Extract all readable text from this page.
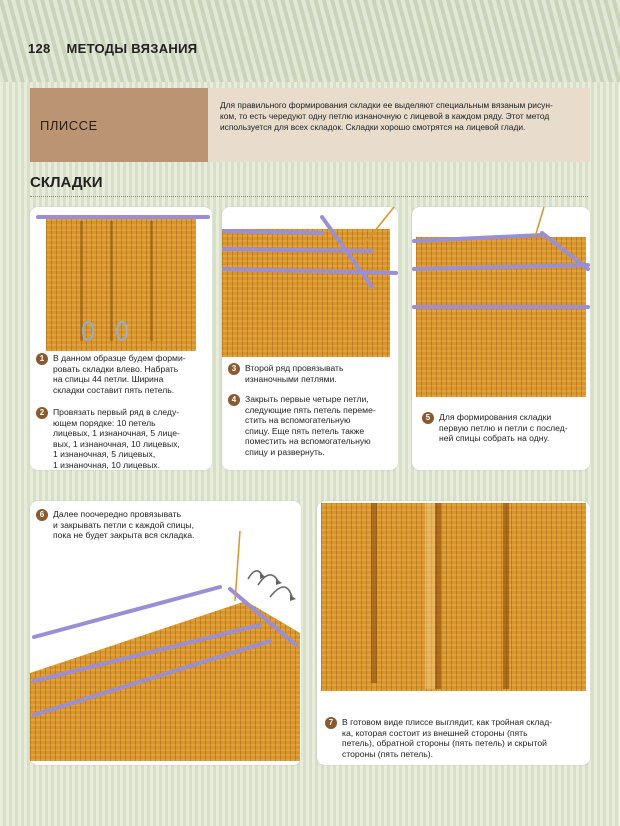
128 МЕТОДЫ ВЯЗАНИЯ
ПЛИССЕ
Для правильного формирования складки ее выделяют специальным вязаным рисун-
ком, то есть чередуют одну петлю изнаночную с лицевой в каждом ряду. Этот метод
используется для всех складок. Складки хорошо смотрятся на лицевой глади.
СКЛАДКИ
1	В данном образце будем форми-
ровать складки влево. Набрать
на спицы 44 петли. Ширина
складки составит пять петель.
2	Провязать первый ряд в следу-
ющем порядке: 10 петель
лицевых, 1 изнаночная, 5 лице-
вых, 1 изнаночная, 10 лицевых,
1 изнаночная, 5 лицевых,
1 изнаночная, 10 лицевых.
3	Второй ряд провязывать
изнаночными петлями.
4	Закрыть первые четыре петли,
следующие пять петель переме-
стить на вспомогательную
спицу. Еще пять петель также
поместить на вспомогательную
спицу и развернуть.
5	Для формирования складки
первую петлю и петли с послед-
ней спицы собрать на одну.
6	Далее поочередно провязывать
и закрывать петли с каждой спицы,
пока не будет закрыта вся складка.
7	В готовом виде плиссе выглядит, как тройная склад-
ка, которая состоит из внешней стороны (пять
петель), обратной стороны (пять петель) и скрытой
стороны (пять петель).
